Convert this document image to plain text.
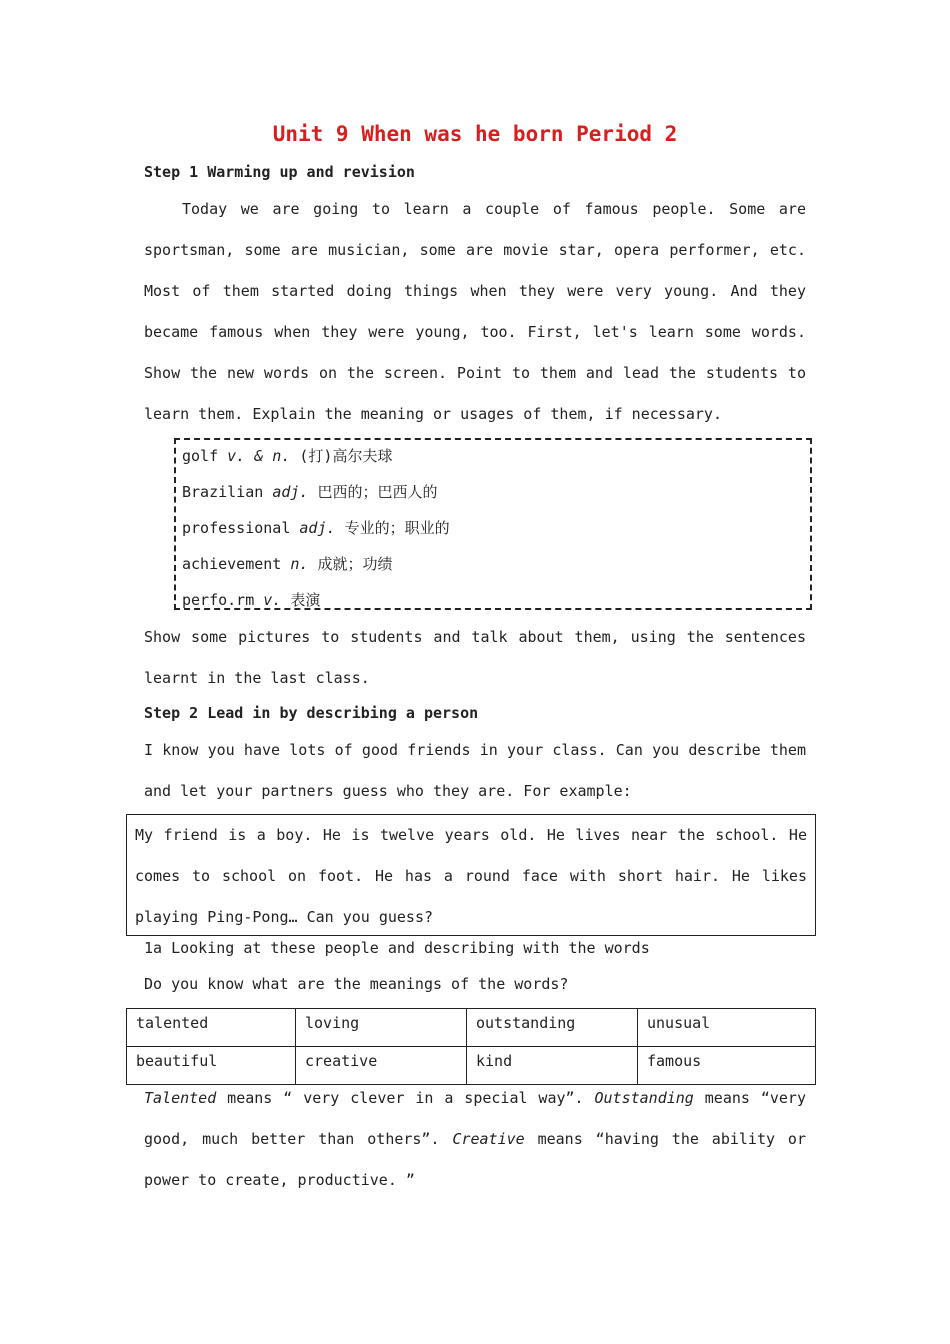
Unit 9 When was he born Period 2
Step 1 Warming up and revision
Today we are going to learn a couple of famous people. Some are sportsman, some are musician, some are movie star, opera performer, etc. Most of them started doing things when they were very young. And they became famous when they were young, too. First, let's learn some words. Show the new words on the screen. Point to them and lead the students to learn them. Explain the meaning or usages of them, if necessary.
golf v. & n. (打)高尔夫球
Brazilian adj. 巴西的；巴西人的
professional adj. 专业的；职业的
achievement n. 成就；功绩
perfo.rm v. 表演
Show some pictures to students and talk about them, using the sentences learnt in the last class.
Step 2 Lead in by describing a person
I know you have lots of good friends in your class. Can you describe them and let your partners guess who they are. For example:
My friend is a boy. He is twelve years old. He lives near the school. He comes to school on foot. He has a round face with short hair. He likes playing Ping-Pong… Can you guess?
1a Looking at these people and describing with the words
Do you know what are the meanings of the words?
talented	loving	outstanding	unusual
beautiful	creative	kind	famous
Talented means “ very clever in a special way”. Outstanding means “very good, much better than others”. Creative means “having the ability or power to create, productive. ”
